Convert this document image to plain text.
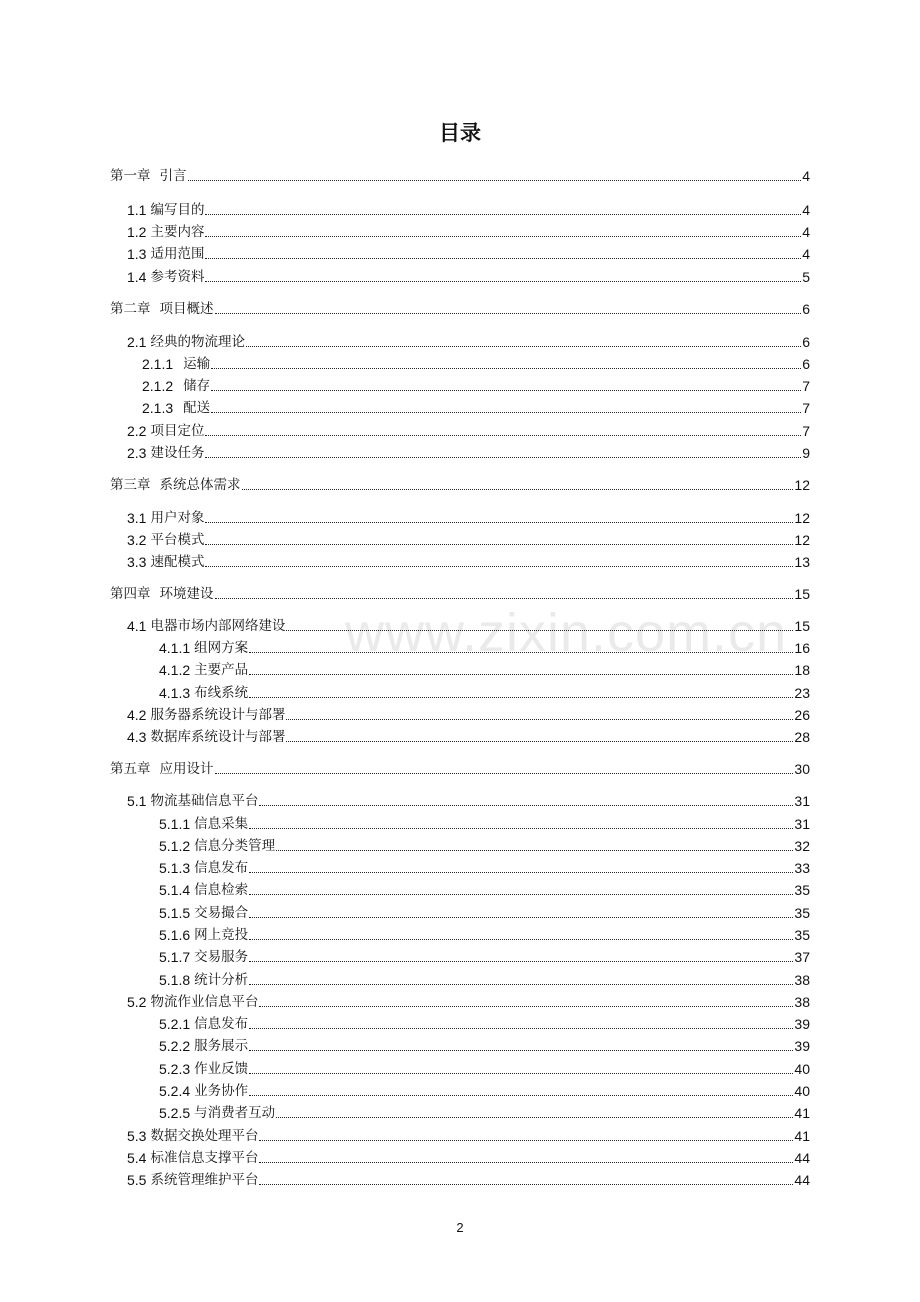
目录
www.zixin.com.cn
第一章 引言	4
1.1 编写目的	4
1.2 主要内容	4
1.3 适用范围	4
1.4 参考资料	5
第二章 项目概述	6
2.1 经典的物流理论	6
2.1.1 运输	6
2.1.2 储存	7
2.1.3 配送	7
2.2 项目定位	7
2.3 建设任务	9
第三章 系统总体需求	12
3.1 用户对象	12
3.2 平台模式	12
3.3 速配模式	13
第四章 环境建设	15
4.1 电器市场内部网络建设	15
4.1.1 组网方案	16
4.1.2 主要产品	18
4.1.3 布线系统	23
4.2 服务器系统设计与部署	26
4.3 数据库系统设计与部署	28
第五章 应用设计	30
5.1 物流基础信息平台	31
5.1.1 信息采集	31
5.1.2 信息分类管理	32
5.1.3 信息发布	33
5.1.4 信息检索	35
5.1.5 交易撮合	35
5.1.6 网上竞投	35
5.1.7 交易服务	37
5.1.8 统计分析	38
5.2 物流作业信息平台	38
5.2.1 信息发布	39
5.2.2 服务展示	39
5.2.3 作业反馈	40
5.2.4 业务协作	40
5.2.5 与消费者互动	41
5.3 数据交换处理平台	41
5.4 标准信息支撑平台	44
5.5 系统管理维护平台	44
2
